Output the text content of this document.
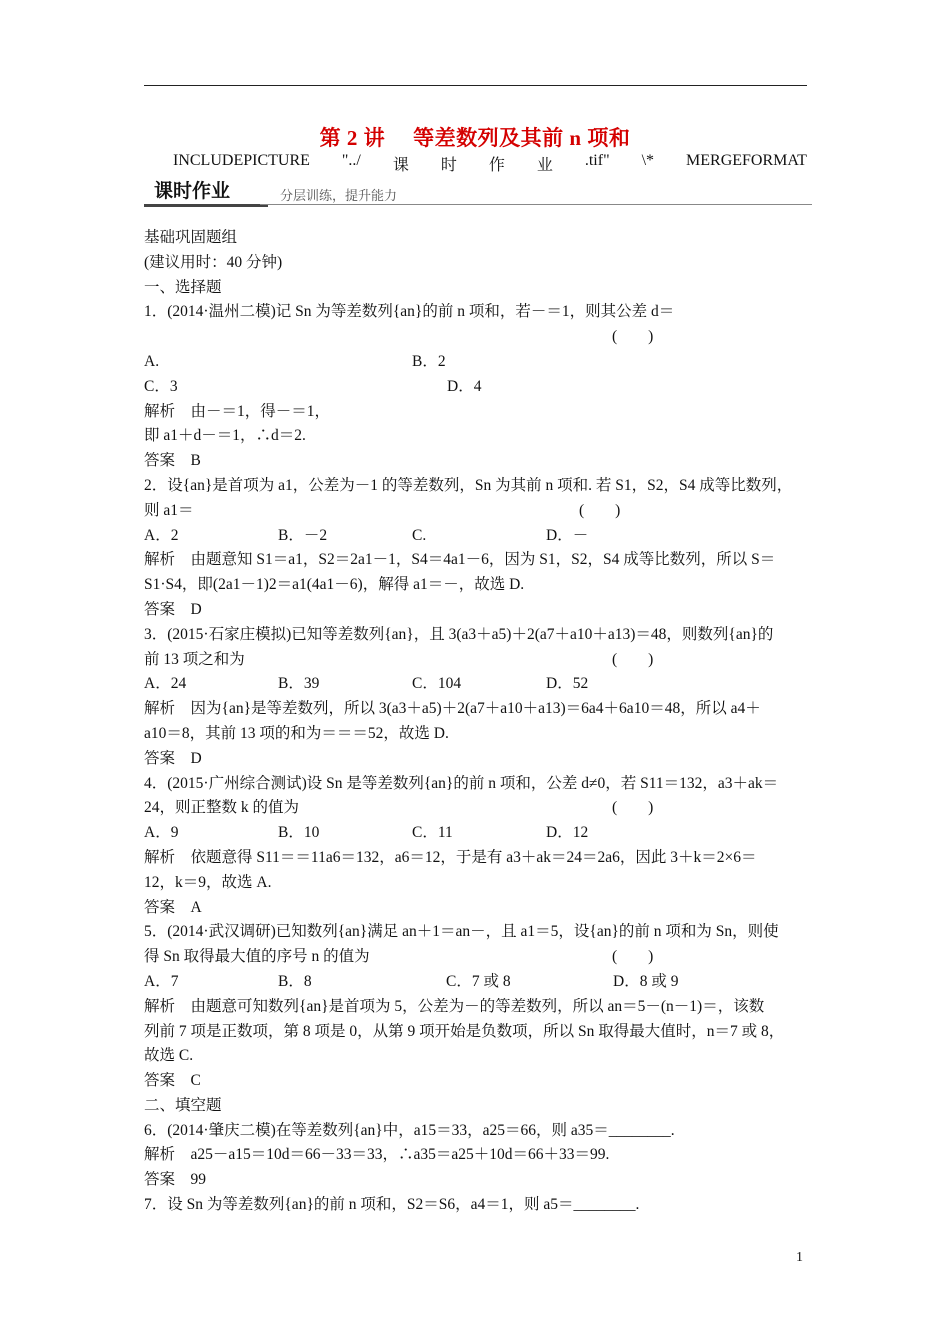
第 2 讲 等差数列及其前 n 项和
INCLUDEPICTURE "../ 课 时 作 业 .tif" \* MERGEFORMAT
课时作业	分层训练，提升能力
基础巩固题组
(建议用时：40 分钟)
一、选择题
1．(2014·温州二模)记 Sn 为等差数列{an}的前 n 项和，若－＝1，则其公差 d＝
(　　)
A.	B．2
C．3	D．4
解析　由－＝1，得－＝1，
即 a1＋d－＝1，∴d＝2.
答案　B
2．设{an}是首项为 a1，公差为－1 的等差数列，Sn 为其前 n 项和. 若 S1，S2，S4 成等比数列，
则 a1＝	(　　)
A．2	B．－2	C.	D．－
解析　由题意知 S1＝a1，S2＝2a1－1，S4＝4a1－6，因为 S1，S2，S4 成等比数列，所以 S＝
S1·S4，即(2a1－1)2＝a1(4a1－6)，解得 a1＝－，故选 D.
答案　D
3．(2015·石家庄模拟)已知等差数列{an}，且 3(a3＋a5)＋2(a7＋a10＋a13)＝48，则数列{an}的
前 13 项之和为	(　　)
A．24	B．39	C．104	D．52
解析　因为{an}是等差数列，所以 3(a3＋a5)＋2(a7＋a10＋a13)＝6a4＋6a10＝48，所以 a4＋
a10＝8，其前 13 项的和为＝＝＝52，故选 D.
答案　D
4．(2015·广州综合测试)设 Sn 是等差数列{an}的前 n 项和，公差 d≠0，若 S11＝132，a3＋ak＝
24，则正整数 k 的值为	(　　)
A．9	B．10	C．11	D．12
解析　依题意得 S11＝＝11a6＝132，a6＝12，于是有 a3＋ak＝24＝2a6，因此 3＋k＝2×6＝
12，k＝9，故选 A.
答案　A
5．(2014·武汉调研)已知数列{an}满足 an＋1＝an－，且 a1＝5，设{an}的前 n 项和为 Sn，则使
得 Sn 取得最大值的序号 n 的值为	(　　)
A．7	B．8	C．7 或 8	D．8 或 9
解析　由题意可知数列{an}是首项为 5，公差为－的等差数列，所以 an＝5－(n－1)＝，该数
列前 7 项是正数项，第 8 项是 0，从第 9 项开始是负数项，所以 Sn 取得最大值时，n＝7 或 8，
故选 C.
答案　C
二、填空题
6．(2014·肇庆二模)在等差数列{an}中，a15＝33，a25＝66，则 a35＝________.
解析　a25－a15＝10d＝66－33＝33，∴a35＝a25＋10d＝66＋33＝99.
答案　99
7．设 Sn 为等差数列{an}的前 n 项和，S2＝S6，a4＝1，则 a5＝________.
1
